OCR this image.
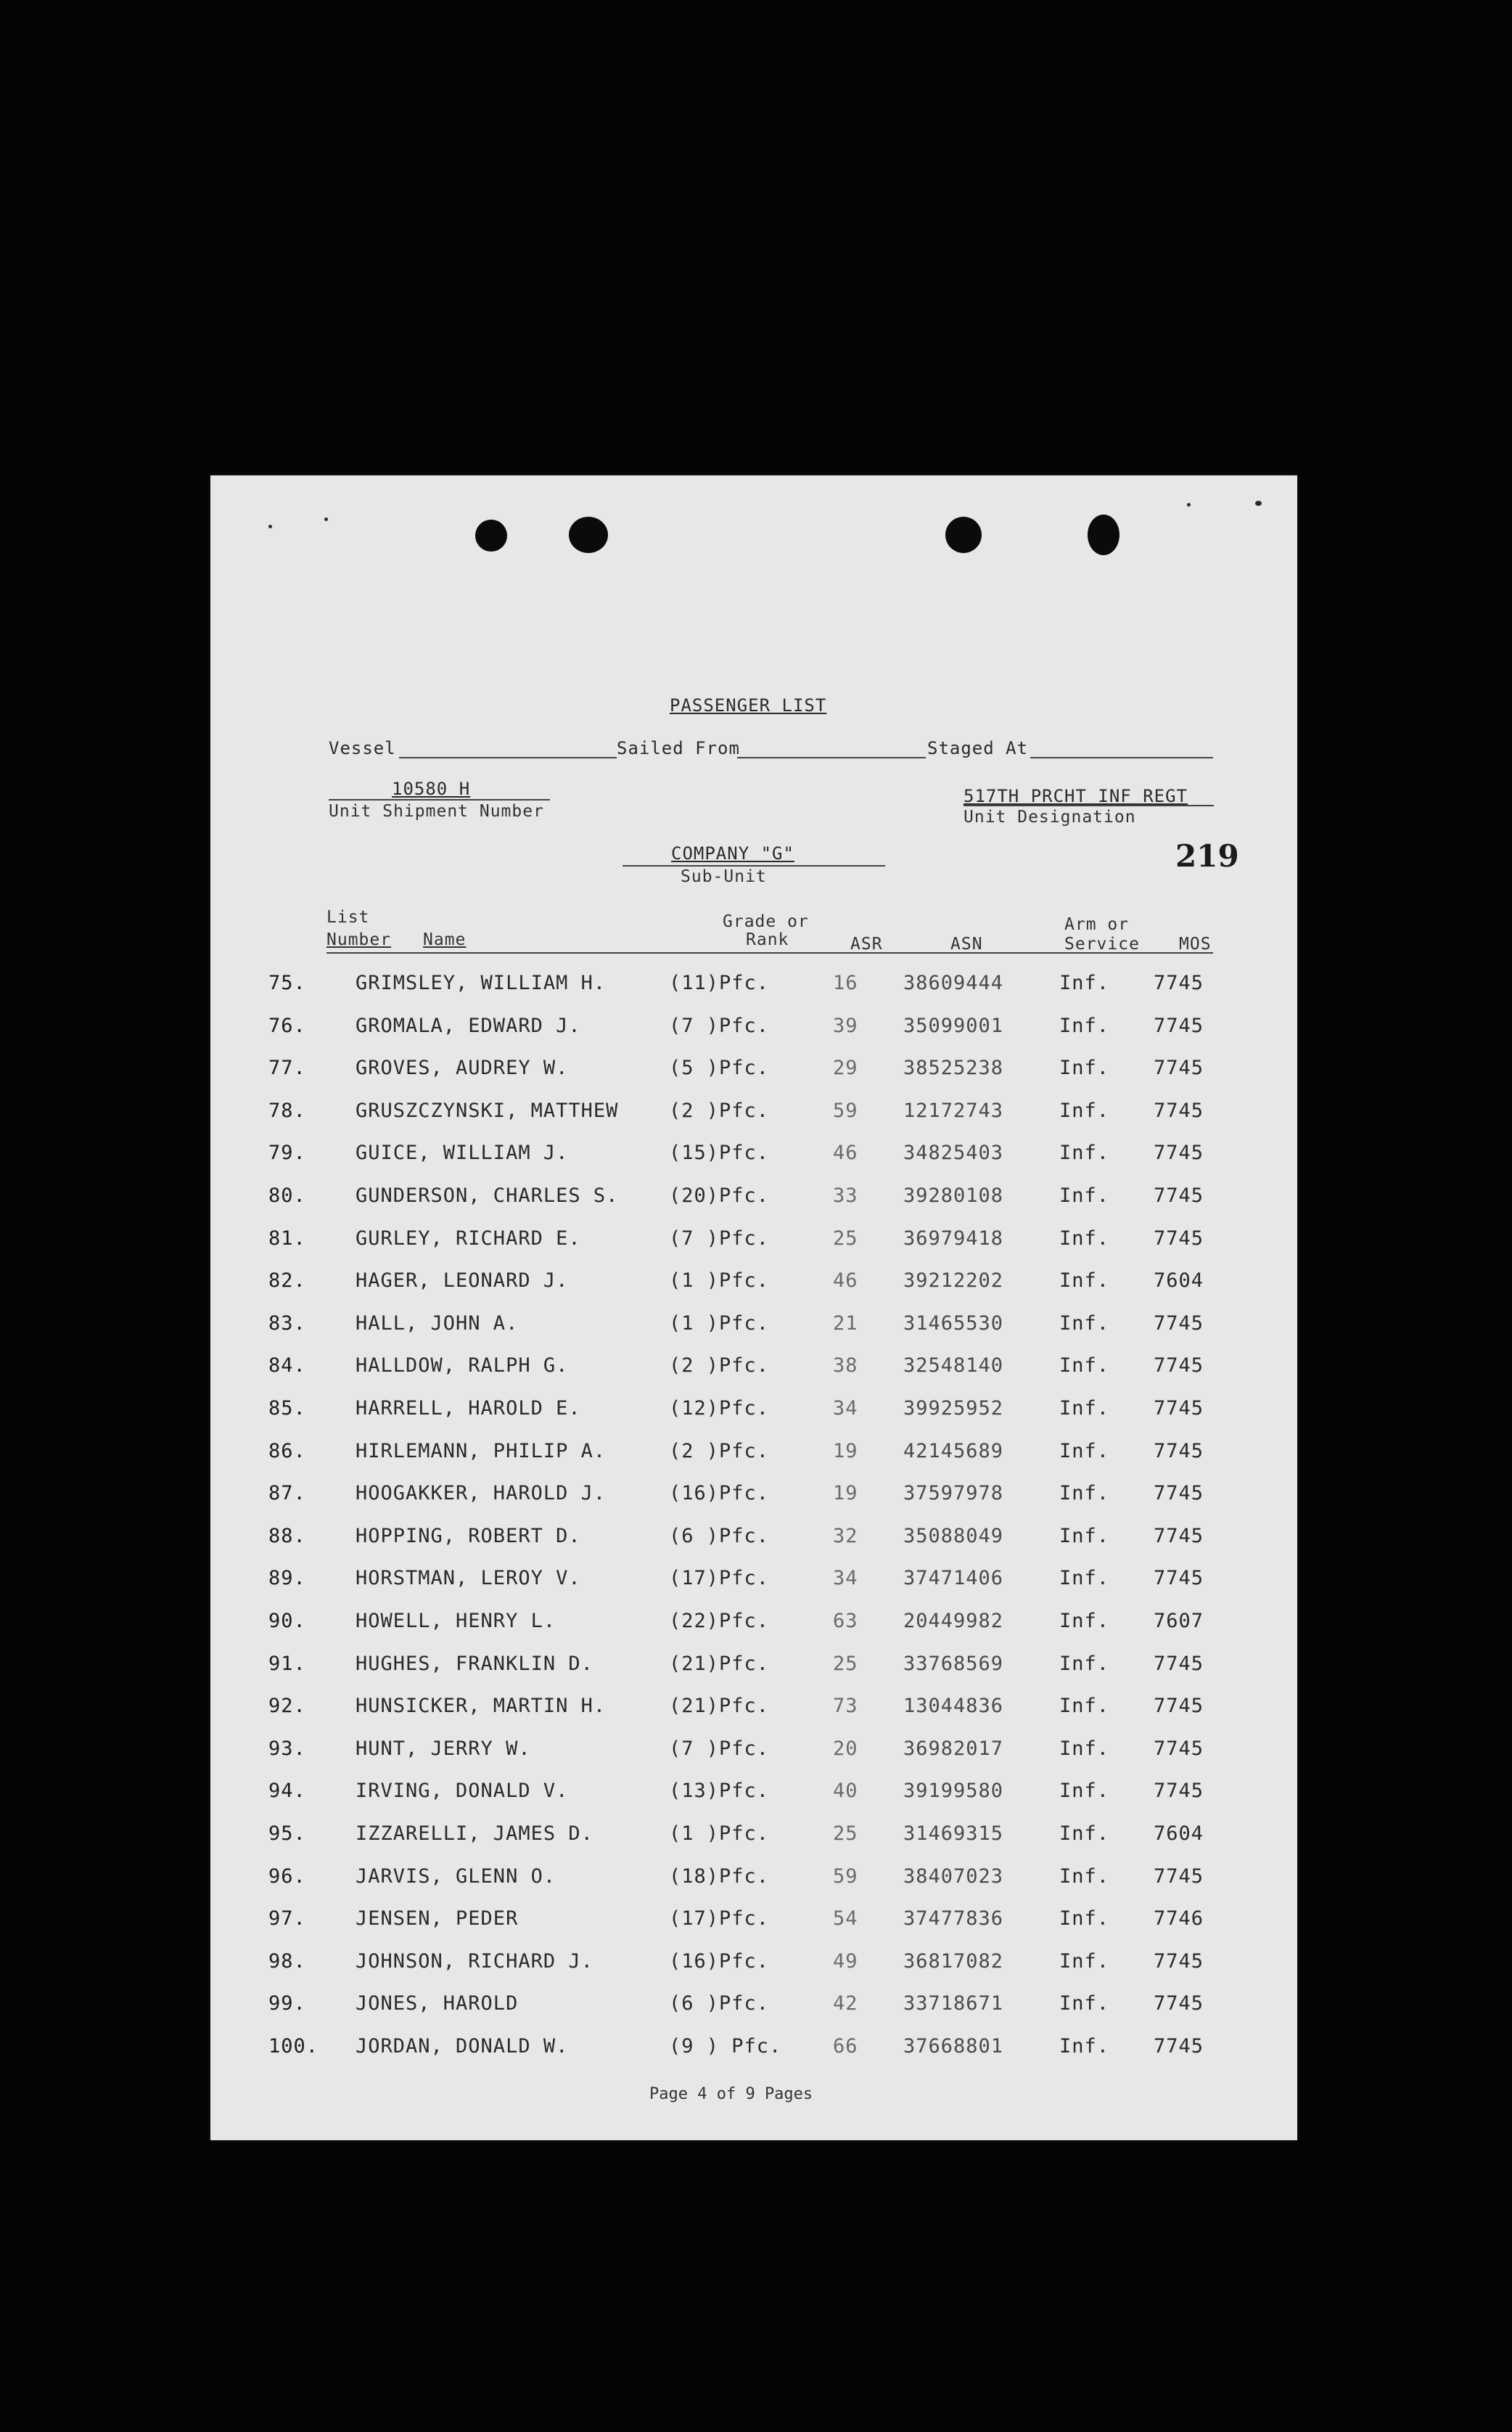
PASSENGER LIST
Vessel	Sailed From	Staged At
10580 H
Unit Shipment Number
517TH PRCHT INF REGT
Unit Designation
COMPANY "G"
Sub-Unit
219
List
Number Name
Grade or
Rank	ASR	ASN
Arm or
Service MOS
75.	GRIMSLEY, WILLIAM H.	(11)Pfc.	16 38609444	Inf. 7745
76.	GROMALA, EDWARD J.	(7 )Pfc.	39 35099001	Inf. 7745
77.	GROVES, AUDREY W.	(5 )Pfc.	29 38525238	Inf. 7745
78.	GRUSZCZYNSKI, MATTHEW	(2 )Pfc.	59 12172743	Inf. 7745
79.	GUICE, WILLIAM J.	(15)Pfc.	46 34825403	Inf. 7745
80.	GUNDERSON, CHARLES S.	(20)Pfc.	33 39280108	Inf. 7745
81.	GURLEY, RICHARD E.	(7 )Pfc.	25 36979418	Inf. 7745
82.	HAGER, LEONARD J.	(1 )Pfc.	46 39212202	Inf. 7604
83.	HALL, JOHN A.	(1 )Pfc.	21 31465530	Inf. 7745
84.	HALLDOW, RALPH G.	(2 )Pfc.	38 32548140	Inf. 7745
85.	HARRELL, HAROLD E.	(12)Pfc.	34 39925952	Inf. 7745
86.	HIRLEMANN, PHILIP A.	(2 )Pfc.	19 42145689	Inf. 7745
87.	HOOGAKKER, HAROLD J.	(16)Pfc.	19 37597978	Inf. 7745
88.	HOPPING, ROBERT D.	(6 )Pfc.	32 35088049	Inf. 7745
89.	HORSTMAN, LEROY V.	(17)Pfc.	34 37471406	Inf. 7745
90.	HOWELL, HENRY L.	(22)Pfc.	63 20449982	Inf. 7607
91.	HUGHES, FRANKLIN D.	(21)Pfc.	25 33768569	Inf. 7745
92.	HUNSICKER, MARTIN H.	(21)Pfc.	73 13044836	Inf. 7745
93.	HUNT, JERRY W.	(7 )Pfc.	20 36982017	Inf. 7745
94.	IRVING, DONALD V.	(13)Pfc.	40 39199580	Inf. 7745
95.	IZZARELLI, JAMES D.	(1 )Pfc.	25 31469315	Inf. 7604
96.	JARVIS, GLENN O.	(18)Pfc.	59 38407023	Inf. 7745
97.	JENSEN, PEDER	(17)Pfc.	54 37477836	Inf. 7746
98.	JOHNSON, RICHARD J.	(16)Pfc.	49 36817082	Inf. 7745
99.	JONES, HAROLD	(6 )Pfc.	42 33718671	Inf. 7745
100. JORDAN, DONALD W.	(9 ) Pfc.	66 37668801	Inf. 7745
Page 4 of 9 Pages
